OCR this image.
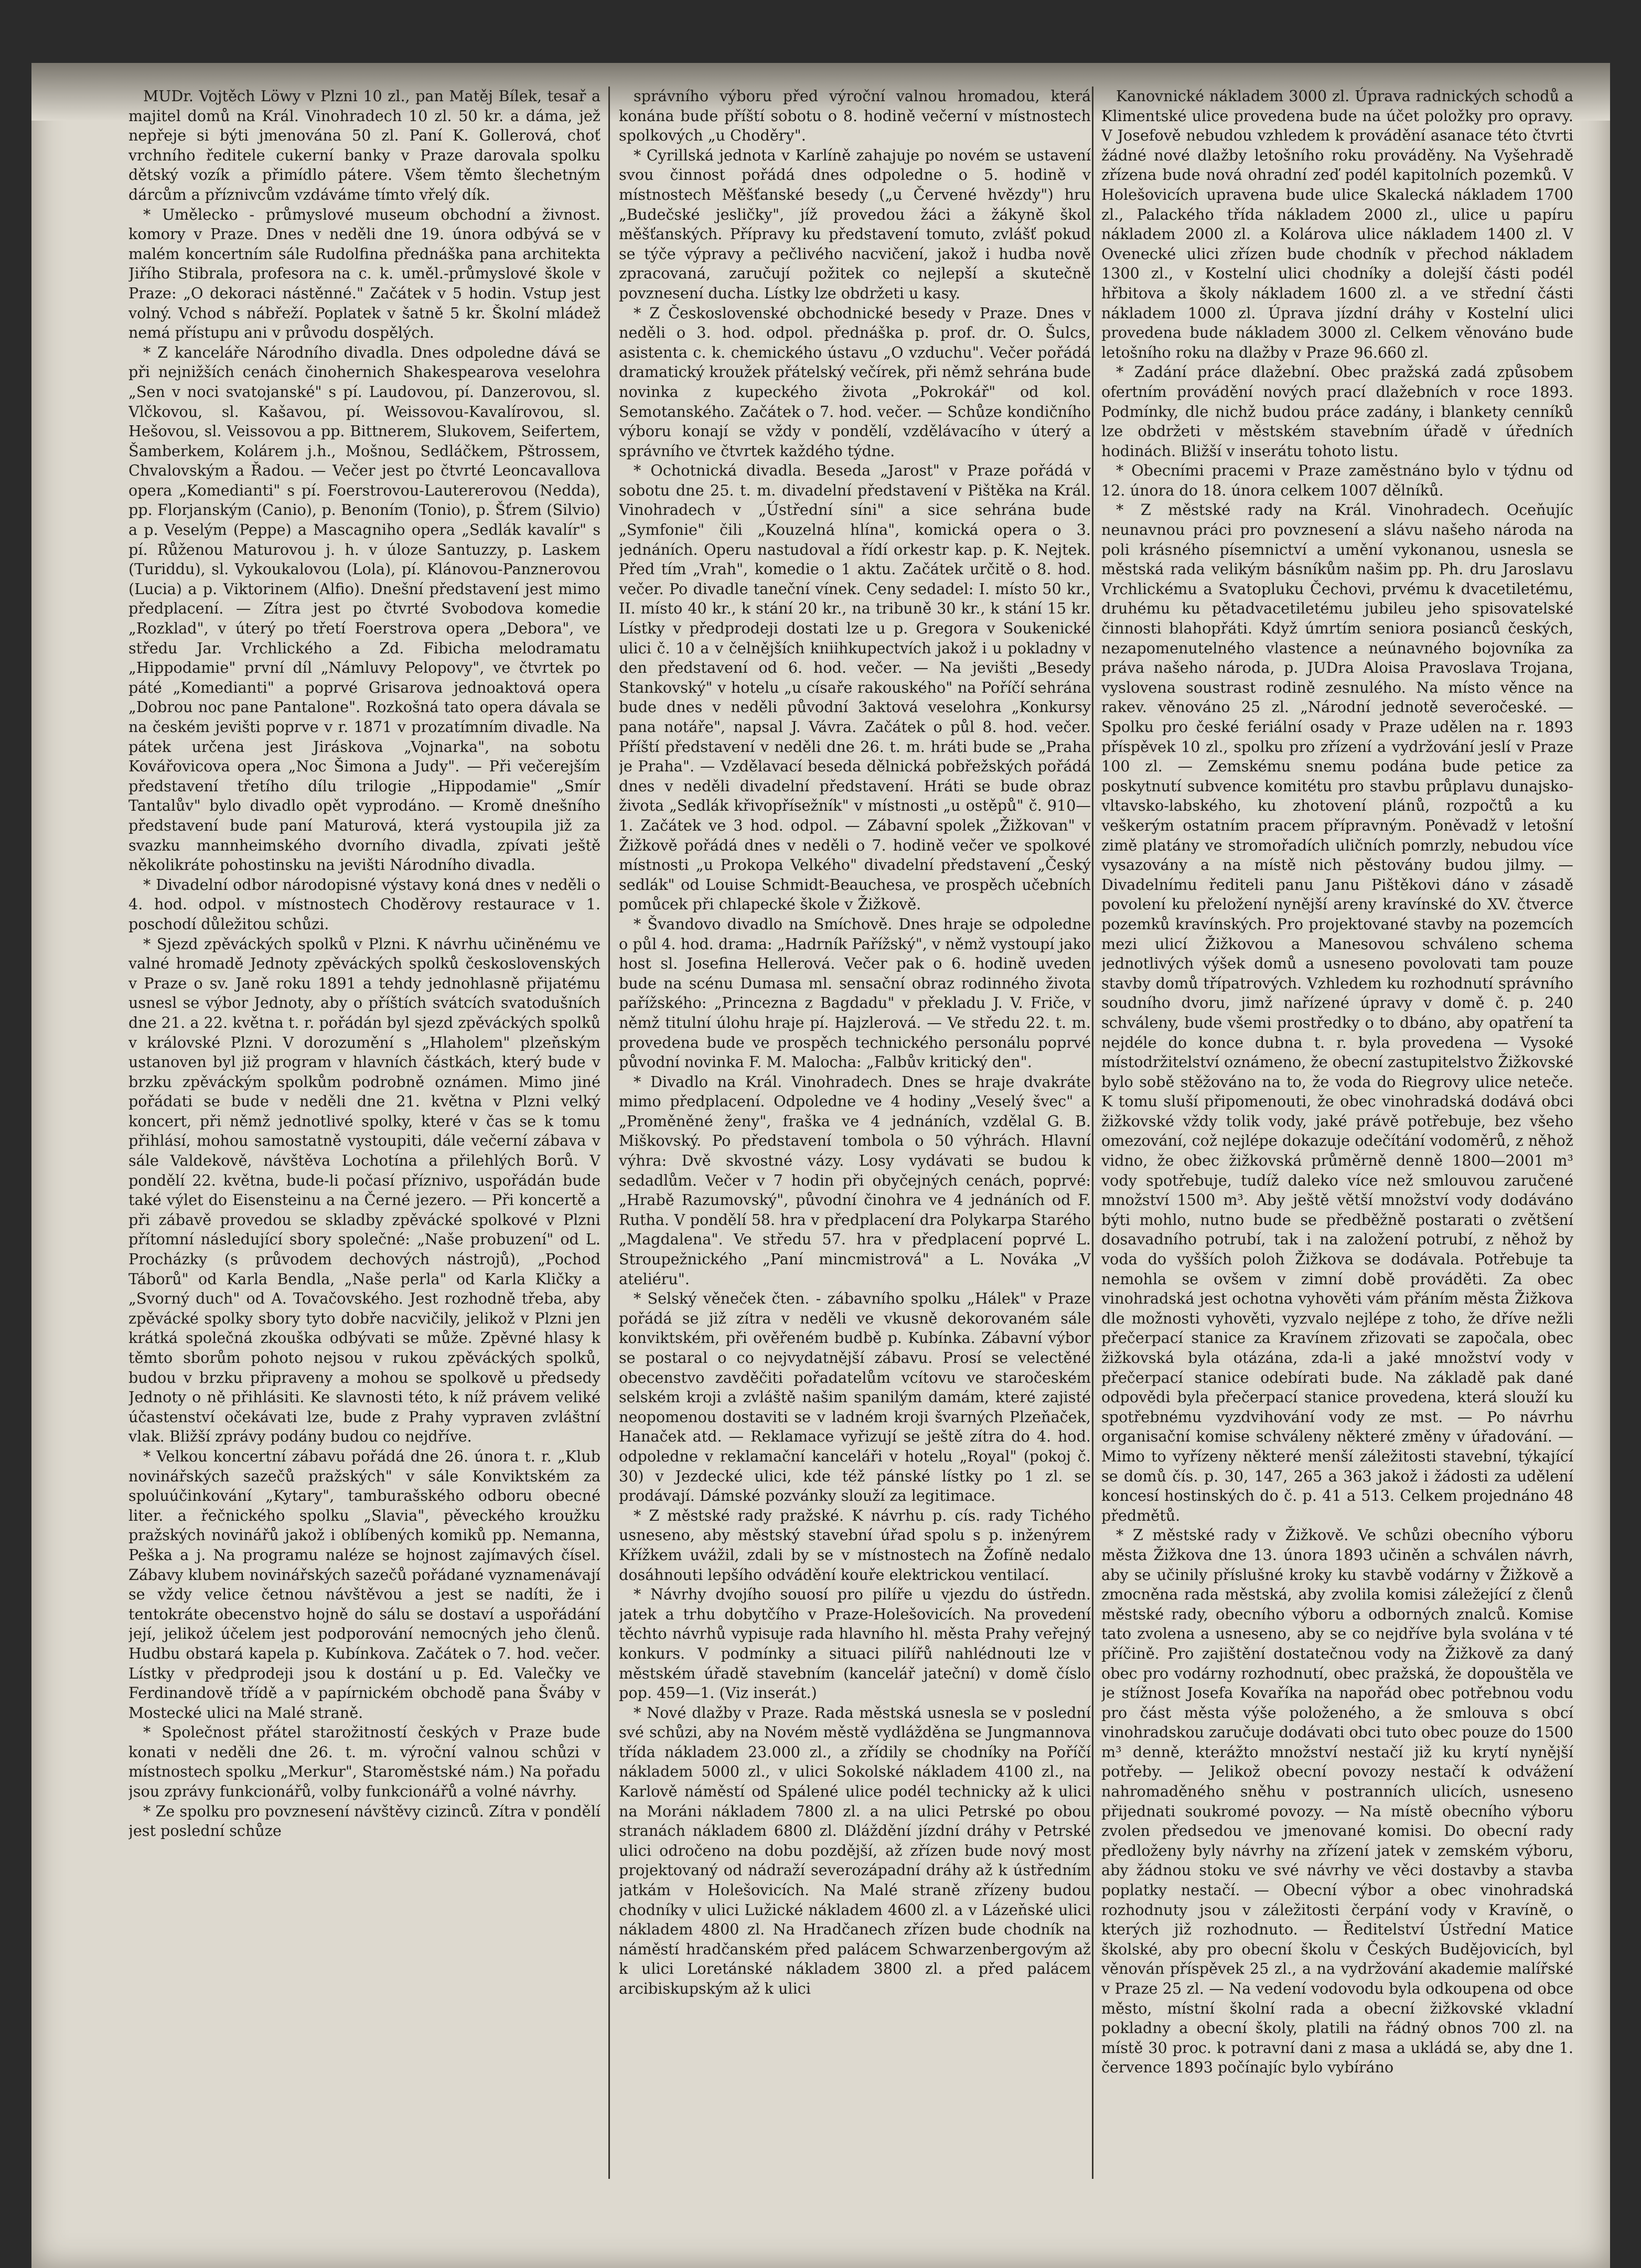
MUDr. Vojtěch Löwy v Plzni 10 zl., pan Matěj Bílek, tesař a majitel domů na Král. Vinohradech 10 zl. 50 kr. a dáma, jež nepřeje si býti jmenována 50 zl. Paní K. Gollerová, choť vrchního ředitele cukerní banky v Praze darovala spolku dětský vozík a přimídlo pátere. Všem těmto šlechetným dárcům a příznivcům vzdáváme tímto vřelý dík.

* Umělecko - průmyslové museum obchodní a živnost. komory v Praze. Dnes v neděli dne 19. února odbývá se v malém koncertním sále Rudolfina přednáška pana architekta Jiřího Stibrala, profesora na c. k. uměl.-průmyslové škole v Praze: „O dekoraci nástěnné." Začátek v 5 hodin. Vstup jest volný. Vchod s nábřeží. Poplatek v šatně 5 kr. Školní mládež nemá přístupu ani v průvodu dospělých.

* Z kanceláře Národního divadla. Dnes odpoledne dává se při nejnižších cenách činohernich Shakespearova veselohra „Sen v noci svatojanské" s pí. Laudovou, pí. Danzerovou, sl. Vlčkovou, sl. Kašavou, pí. Weissovou-Kavalírovou, sl. Hešovou, sl. Veissovou a pp. Bittnerem, Slukovem, Seifertem, Šamberkem, Kolárem j.h., Mošnou, Sedláčkem, Pštrossem, Chvalovským a Řadou. — Večer jest po čtvrté Leoncavallova opera „Komedianti" s pí. Foerstrovou-Lautererovou (Nedda), pp. Florjanským (Canio), p. Benoním (Tonio), p. Šťrem (Silvio) a p. Veselým (Peppe) a Mascagniho opera „Sedlák kavalír" s pí. Růženou Maturovou j. h. v úloze Santuzzy, p. Laskem (Turiddu), sl. Vykoukalovou (Lola), pí. Klánovou-Panznerovou (Lucia) a p. Viktorinem (Alfio). Dnešní představení jest mimo předplacení. — Zítra jest po čtvrté Svobodova komedie „Rozklad", v úterý po třetí Foerstrova opera „Debora", ve středu Jar. Vrchlického a Zd. Fibicha melodramatu „Hippodamie" první díl „Námluvy Pelopovy", ve čtvrtek po páté „Komedianti" a poprvé Grisarova jednoaktová opera „Dobrou noc pane Pantalone". Rozkošná tato opera dávala se na českém jevišti poprve v r. 1871 v prozatímním divadle. Na pátek určena jest Jiráskova „Vojnarka", na sobotu Kovářovicova opera „Noc Šimona a Judy". — Při večerejším představení třetího dílu trilogie „Hippodamie" „Smír Tantalův" bylo divadlo opět vyprodáno. — Kromě dnešního představení bude paní Maturová, která vystoupila již za svazku mannheimského dvorního divadla, zpívati ještě několikráte pohostinsku na jevišti Národního divadla.

* Divadelní odbor národopisné výstavy koná dnes v neděli o 4. hod. odpol. v místnostech Choděrovy restaurace v 1. poschodí důležitou schůzi.

* Sjezd zpěváckých spolků v Plzni. K návrhu učiněnému ve valné hromadě Jednoty zpěváckých spolků československých v Praze o sv. Janě roku 1891 a tehdy jednohlasně přijatému usnesl se výbor Jednoty, aby o příštích svátcích svatodušních dne 21. a 22. května t. r. pořádán byl sjezd zpěváckých spolků v královské Plzni. V dorozumění s „Hlaholem" plzeňským ustanoven byl již program v hlavních částkách, který bude v brzku zpěváckým spolkům podrobně oznámen. Mimo jiné pořádati se bude v neděli dne 21. května v Plzni velký koncert, při němž jednotlivé spolky, které v čas se k tomu přihlásí, mohou samostatně vystoupiti, dále večerní zábava v sále Valdekově, návštěva Lochotína a přilehlých Borů. V pondělí 22. května, bude-li počasí příznivo, uspořádán bude také výlet do Eisensteinu a na Černé jezero. — Při koncertě a při zábavě provedou se skladby zpěvácké spolkové v Plzni přítomní následující sbory společné: „Naše probuzení" od L. Procházky (s průvodem dechových nástrojů), „Pochod Táborů" od Karla Bendla, „Naše perla" od Karla Kličky a „Svorný duch" od A. Tovačovského. Jest rozhodně třeba, aby zpěvácké spolky sbory tyto dobře nacvičily, jelikož v Plzni jen krátká společná zkouška odbývati se může. Zpěvné hlasy k těmto sborům pohoto nejsou v rukou zpěváckých spolků, budou v brzku připraveny a mohou se spolkově u předsedy Jednoty o ně přihlásiti. Ke slavnosti této, k níž právem veliké účastenství očekávati lze, bude z Prahy vypraven zvláštní vlak. Bližší zprávy podány budou co nejdříve.

* Velkou koncertní zábavu pořádá dne 26. února t. r. „Klub novinářských sazečů pražských" v sále Konviktském za spoluúčinkování „Kytary", tamburašského odboru obecné liter. a řečnického spolku „Slavia", pěveckého kroužku pražských novinářů jakož i oblíbených komiků pp. Nemanna, Peška a j. Na programu naléze se hojnost zajímavých čísel. Zábavy klubem novinářských sazečů pořádané vyznamenávají se vždy velice četnou návštěvou a jest se nadíti, že i tentokráte obecenstvo hojně do sálu se dostaví a uspořádání její, jelikož účelem jest podporování nemocných jeho členů. Hudbu obstará kapela p. Kubínkova. Začátek o 7. hod. večer. Lístky v předprodeji jsou k dostání u p. Ed. Valečky ve Ferdinandově třídě a v papírnickém obchodě pana Šváby v Mostecké ulici na Malé straně.

* Společnost přátel starožitností českých v Praze bude konati v neděli dne 26. t. m. výroční valnou schůzi v místnostech spolku „Merkur", Staroměstské nám.) Na pořadu jsou zprávy funkcionářů, volby funkcionářů a volné návrhy.

* Ze spolku pro povznesení návštěvy cizinců. Zítra v pondělí jest poslední schůze

správního výboru před výroční valnou hromadou, která konána bude příští sobotu o 8. hodině večerní v místnostech spolkových „u Choděry".

* Cyrillská jednota v Karlíně zahajuje po novém se ustavení svou činnost pořádá dnes odpoledne o 5. hodině v místnostech Měšťanské besedy („u Červené hvězdy") hru „Budečské jesličky", jíž provedou žáci a žákyně škol měšťanských. Přípravy ku představení tomuto, zvlášť pokud se týče výpravy a pečlivého nacvičení, jakož i hudba nově zpracovaná, zaručují požitek co nejlepší a skutečně povznesení ducha. Lístky lze obdržeti u kasy.

* Z Československé obchodnické besedy v Praze. Dnes v neděli o 3. hod. odpol. přednáška p. prof. dr. O. Šulcs, asistenta c. k. chemického ústavu „O vzduchu". Večer pořádá dramatický kroužek přátelský večírek, při němž sehrána bude novinka z kupeckého života „Pokrokář" od kol. Semotanského. Začátek o 7. hod. večer. — Schůze kondičního výboru konají se vždy v pondělí, vzdělávacího v úterý a správního ve čtvrtek každého týdne.

* Ochotnická divadla. Beseda „Jarost" v Praze pořádá v sobotu dne 25. t. m. divadelní představení v Pištěka na Král. Vinohradech v „Ústřední síni" a sice sehrána bude „Symfonie" čili „Kouzelná hlína", komická opera o 3. jednáních. Operu nastudoval a řídí orkestr kap. p. K. Nejtek. Před tím „Vrah", komedie o 1 aktu. Začátek určitě o 8. hod. večer. Po divadle taneční vínek. Ceny sedadel: I. místo 50 kr., II. místo 40 kr., k stání 20 kr., na tribuně 30 kr., k stání 15 kr. Lístky v předprodeji dostati lze u p. Gregora v Soukenické ulici č. 10 a v čelnějších kniihkupectvích jakož i u pokladny v den představení od 6. hod. večer. — Na jevišti „Besedy Stankovský" v hotelu „u císaře rakouského" na Poříčí sehrána bude dnes v neděli původní 3aktová veselohra „Konkursy pana notáře", napsal J. Vávra. Začátek o půl 8. hod. večer. Příští představení v neděli dne 26. t. m. hráti bude se „Praha je Praha". — Vzdělavací beseda dělnická pobřežských pořádá dnes v neděli divadelní představení. Hráti se bude obraz života „Sedlák křivopřísežník" v místnosti „u ostěpů" č. 910—1. Začátek ve 3 hod. odpol. — Zábavní spolek „Žižkovan" v Žižkově pořádá dnes v neděli o 7. hodině večer ve spolkové místnosti „u Prokopa Velkého" divadelní představení „Český sedlák" od Louise Schmidt-Beauchesa, ve prospěch učebních pomůcek při chlapecké škole v Žižkově.

* Švandovo divadlo na Smíchově. Dnes hraje se odpoledne o půl 4. hod. drama: „Hadrník Pařížský", v němž vystoupí jako host sl. Josefina Hellerová. Večer pak o 6. hodině uveden bude na scénu Dumasa ml. sensační obraz rodinného života pařížského: „Princezna z Bagdadu" v překladu J. V. Friče, v němž titulní úlohu hraje pí. Hajzlerová. — Ve středu 22. t. m. provedena bude ve prospěch technického personálu poprvé původní novinka F. M. Malocha: „Falbův kritický den".

* Divadlo na Král. Vinohradech. Dnes se hraje dvakráte mimo předplacení. Odpoledne ve 4 hodiny „Veselý švec" a „Proměněné ženy", fraška ve 4 jednáních, vzdělal G. B. Miškovský. Po představení tombola o 50 výhrách. Hlavní výhra: Dvě skvostné vázy. Losy vydávati se budou k sedadlům. Večer v 7 hodin při obyčejných cenách, poprvé: „Hrabě Razumovský", původní činohra ve 4 jednáních od F. Rutha. V pondělí 58. hra v předplacení dra Polykarpa Starého „Magdalena". Ve středu 57. hra v předplacení poprvé L. Stroupežnického „Paní mincmistrová" a L. Nováka „V ateliéru".

* Selský věneček čten. - zábavního spolku „Hálek" v Praze pořádá se již zítra v neděli ve vkusně dekorovaném sále konviktském, při ověřeném budbě p. Kubínka. Zábavní výbor se postaral o co nejvydatnější zábavu. Prosí se velectěné obecenstvo zavděčiti pořadatelům vcítovu ve staročeském selském kroji a zvláště našim spanilým damám, které zajisté neopomenou dostaviti se v ladném kroji švarných Plzeňaček, Hanaček atd. — Reklamace vyřizují se ještě zítra do 4. hod. odpoledne v reklamační kanceláři v hotelu „Royal" (pokoj č. 30) v Jezdecké ulici, kde též pánské lístky po 1 zl. se prodávají. Dámské pozvánky slouží za legitimace.

* Z městské rady pražské. K návrhu p. cís. rady Tichého usneseno, aby městský stavební úřad spolu s p. inženýrem Křížkem uvážil, zdali by se v místnostech na Žofíně nedalo dosáhnouti lepšího odvádění kouře elektrickou ventilací.

* Návrhy dvojího souosí pro pilíře u vjezdu do ústředn. jatek a trhu dobytčího v Praze-Holešovicích. Na provedení těchto návrhů vypisuje rada hlavního hl. města Prahy veřejný konkurs. V podmínky a situaci pilířů nahlédnouti lze v městském úřadě stavebním (kancelář jateční) v domě číslo pop. 459—1. (Viz inserát.)

* Nové dlažby v Praze. Rada městská usnesla se v poslední své schůzi, aby na Novém městě vydlážděna se Jungmannova třída nákladem 23.000 zl., a zřídily se chodníky na Poříčí nákladem 5000 zl., v ulici Sokolské nákladem 4100 zl., na Karlově náměstí od Spálené ulice podél technicky až k ulici na Moráni nákladem 7800 zl. a na ulici Petrské po obou stranách nákladem 6800 zl. Dláždění jízdní dráhy v Petrské ulici odročeno na dobu pozdější, až zřízen bude nový most projektovaný od nádraží severozápadní dráhy až k ústředním jatkám v Holešovicích. Na Malé straně zřízeny budou chodníky v ulici Lužické nákladem 4600 zl. a v Lázeňské ulici nákladem 4800 zl. Na Hradčanech zřízen bude chodník na náměstí hradčanském před palácem Schwarzenbergovým až k ulici Loretánské nákladem 3800 zl. a před palácem arcibiskupským až k ulici

Kanovnické nákladem 3000 zl. Úprava radnických schodů a Klimentské ulice provedena bude na účet položky pro opravy. V Josefově nebudou vzhledem k provádění asanace této čtvrti žádné nové dlažby letošního roku prováděny. Na Vyšehradě zřízena bude nová ohradní zeď podél kapitolních pozemků. V Holešovicích upravena bude ulice Skalecká nákladem 1700 zl., Palackého třída nákladem 2000 zl., ulice u papíru nákladem 2000 zl. a Kolárova ulice nákladem 1400 zl. V Ovenecké ulici zřízen bude chodník v přechod nákladem 1300 zl., v Kostelní ulici chodníky a dolejší části podél hřbitova a školy nákladem 1600 zl. a ve střední části nákladem 1000 zl. Úprava jízdní dráhy v Kostelní ulici provedena bude nákladem 3000 zl. Celkem věnováno bude letošního roku na dlažby v Praze 96.660 zl.

* Zadání práce dlažební. Obec pražská zadá způsobem ofertním provádění nových prací dlažebních v roce 1893. Podmínky, dle nichž budou práce zadány, i blankety cenníků lze obdržeti v městském stavebním úřadě v úředních hodinách. Bližší v inserátu tohoto listu.

* Obecními pracemi v Praze zaměstnáno bylo v týdnu od 12. února do 18. února celkem 1007 dělníků.

* Z městské rady na Král. Vinohradech. Oceňujíc neunavnou práci pro povznesení a slávu našeho národa na poli krásného písemnictví a umění vykonanou, usnesla se městská rada velikým básníkům našim pp. Ph. dru Jaroslavu Vrchlickému a Svatopluku Čechovi, prvému k dvacetiletému, druhému ku pětadvacetiletému jubileu jeho spisovatelské činnosti blahopřáti. Když úmrtím seniora posianců českých, nezapomenutelného vlastence a neúnavného bojovníka za práva našeho národa, p. JUDra Aloisa Pravoslava Trojana, vyslovena soustrast rodině zesnulého. Na místo věnce na rakev. věnováno 25 zl. „Národní jednotě severočeské. — Spolku pro české feriální osady v Praze udělen na r. 1893 příspěvek 10 zl., spolku pro zřízení a vydržování jeslí v Praze 100 zl. — Zemskému snemu podána bude petice za poskytnutí subvence komitétu pro stavbu průplavu dunajsko-vltavsko-labského, ku zhotovení plánů, rozpočtů a ku veškerým ostatním pracem přípravným. Poněvadž v letošní zimě platány ve stromořadích uličních pomrzly, nebudou více vysazovány a na místě nich pěstovány budou jilmy. — Divadelnímu řediteli panu Janu Pištěkovi dáno v zásadě povolení ku přeložení nynější areny kravínské do XV. čtverce pozemků kravínských. Pro projektované stavby na pozemcích mezi ulicí Žižkovou a Manesovou schváleno schema jednotlivých výšek domů a usneseno povolovati tam pouze stavby domů třípatrových. Vzhledem ku rozhodnutí správního soudního dvoru, jimž nařízené úpravy v domě č. p. 240 schváleny, bude všemi prostředky o to dbáno, aby opatření ta nejdéle do konce dubna t. r. byla provedena — Vysoké místodržitelství oznámeno, že obecní zastupitelstvo Žižkovské bylo sobě stěžováno na to, že voda do Riegrovy ulice neteče. K tomu sluší připomenouti, že obec vinohradská dodává obci žižkovské vždy tolik vody, jaké právě potřebuje, bez všeho omezování, což nejlépe dokazuje odečítání vodoměrů, z něhož vidno, že obec žižkovská průměrně denně 1800—2001 m³ vody spotřebuje, tudíž daleko více než smlouvou zaručené množství 1500 m³. Aby ještě větší množství vody dodáváno býti mohlo, nutno bude se předběžně postarati o zvětšení dosavadního potrubí, tak i na založení potrubí, z něhož by voda do vyšších poloh Žižkova se dodávala. Potřebuje ta nemohla se ovšem v zimní době prováděti. Za obec vinohradská jest ochotna vyhověti vám přáním města Žižkova dle možnosti vyhověti, vyzvalo nejlépe z toho, že dříve nežli přečerpací stanice za Kravínem zřizovati se započala, obec žižkovská byla otázána, zda-li a jaké množství vody v přečerpací stanice odebírati bude. Na základě pak dané odpovědi byla přečerpací stanice provedena, která slouží ku spotřebnému vyzdvihování vody ze mst. — Po návrhu organisační komise schváleny některé změny v úřadování. — Mimo to vyřízeny některé menší záležitosti stavební, týkající se domů čís. p. 30, 147, 265 a 363 jakož i žádosti za udělení koncesí hostinských do č. p. 41 a 513. Celkem projednáno 48 předmětů.

* Z městské rady v Žižkově. Ve schůzi obecního výboru města Žižkova dne 13. února 1893 učiněn a schválen návrh, aby se učinily příslušné kroky ku stavbě vodárny v Žižkově a zmocněna rada městská, aby zvolila komisi záležející z členů městské rady, obecního výboru a odborných znalců. Komise tato zvolena a usneseno, aby se co nejdříve byla svolána v té příčině. Pro zajištění dostatečnou vody na Žižkově za daný obec pro vodárny rozhodnutí, obec pražská, že dopouštěla ve je stížnost Josefa Kovaříka na napořád obec potřebnou vodu pro část města výše položeného, a že smlouva s obcí vinohradskou zaručuje dodávati obci tuto obec pouze do 1500 m³ denně, kterážto množství nestačí již ku krytí nynější potřeby. — Jelikož obecní povozy nestačí k odvážení nahromaděného sněhu v postranních ulicích, usneseno přijednati soukromé povozy. — Na místě obecního výboru zvolen předsedou ve jmenované komisi. Do obecní rady předloženy byly návrhy na zřízení jatek v zemském výboru, aby žádnou stoku ve své návrhy ve věci dostavby a stavba poplatky nestačí. — Obecní výbor a obec vinohradská rozhodnuty jsou v záležitosti čerpání vody v Kravíně, o kterých již rozhodnuto. — Ředitelství Ústřední Matice školské, aby pro obecní školu v Českých Budějovicích, byl věnován příspěvek 25 zl., a na vydržování akademie malířské v Praze 25 zl. — Na vedení vodovodu byla odkoupena od obce město, místní školní rada a obecní žižkovské vkladní pokladny a obecní školy, platili na řádný obnos 700 zl. na místě 30 proc. k potravní dani z masa a ukládá se, aby dne 1. července 1893 počínajíc bylo vybíráno
